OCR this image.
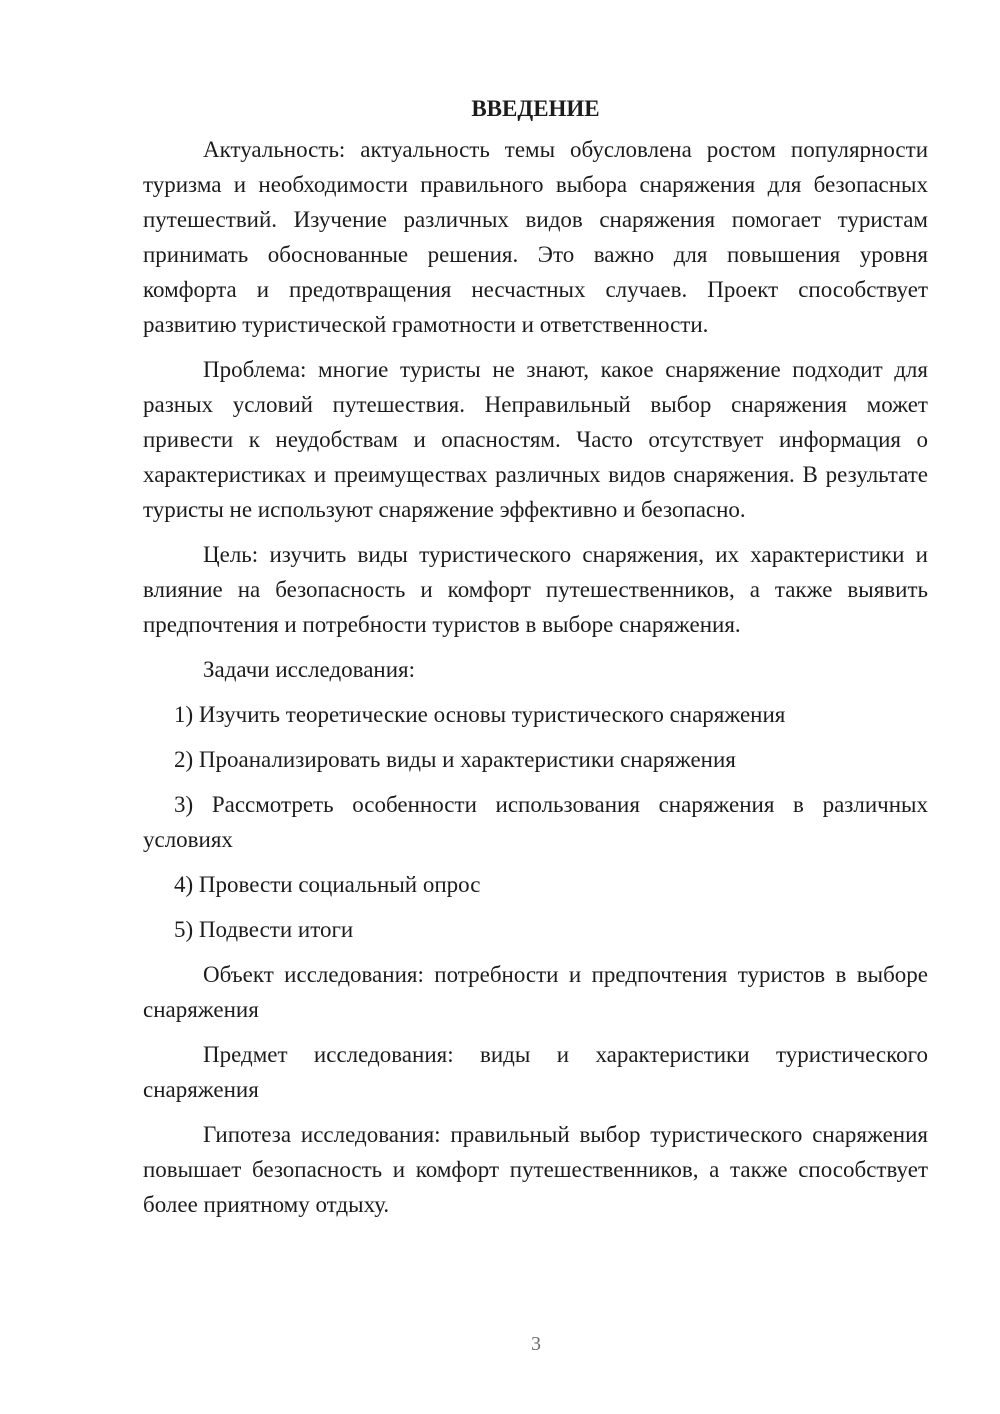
ВВЕДЕНИЕ

Актуальность: актуальность темы обусловлена ростом популярности туризма и необходимости правильного выбора снаряжения для безопасных путешествий. Изучение различных видов снаряжения помогает туристам принимать обоснованные решения. Это важно для повышения уровня комфорта и предотвращения несчастных случаев. Проект способствует развитию туристической грамотности и ответственности.

Проблема: многие туристы не знают, какое снаряжение подходит для разных условий путешествия. Неправильный выбор снаряжения может привести к неудобствам и опасностям. Часто отсутствует информация о характеристиках и преимуществах различных видов снаряжения. В результате туристы не используют снаряжение эффективно и безопасно.

Цель: изучить виды туристического снаряжения, их характеристики и влияние на безопасность и комфорт путешественников, а также выявить предпочтения и потребности туристов в выборе снаряжения.

Задачи исследования:

1) Изучить теоретические основы туристического снаряжения

2) Проанализировать виды и характеристики снаряжения

3) Рассмотреть особенности использования снаряжения в различных условиях

4) Провести социальный опрос

5) Подвести итоги

Объект исследования: потребности и предпочтения туристов в выборе снаряжения

Предмет исследования: виды и характеристики туристического снаряжения

Гипотеза исследования: правильный выбор туристического снаряжения повышает безопасность и комфорт путешественников, а также способствует более приятному отдыху.

3
